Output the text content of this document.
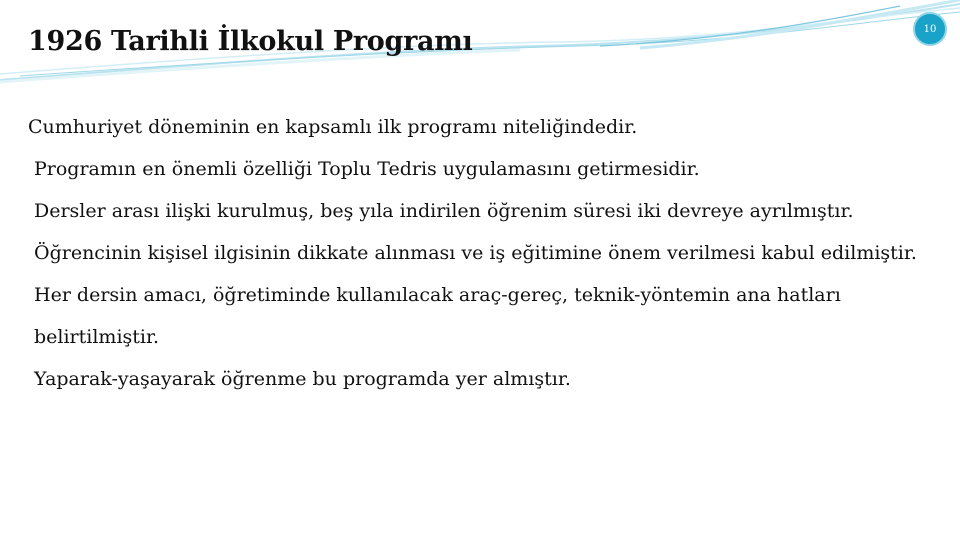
1926 Tarihli İlkokul Programı	10

Cumhuriyet döneminin en kapsamlı ilk programı niteliğindedir.

Programın en önemli özelliği Toplu Tedris uygulamasını getirmesidir.

Dersler arası ilişki kurulmuş, beş yıla indirilen öğrenim süresi iki devreye ayrılmıştır.

Öğrencinin kişisel ilgisinin dikkate alınması ve iş eğitimine önem verilmesi kabul edilmiştir.

Her dersin amacı, öğretiminde kullanılacak araç-gereç, teknik-yöntemin ana hatları belirtilmiştir.

Yaparak-yaşayarak öğrenme bu programda yer almıştır.
